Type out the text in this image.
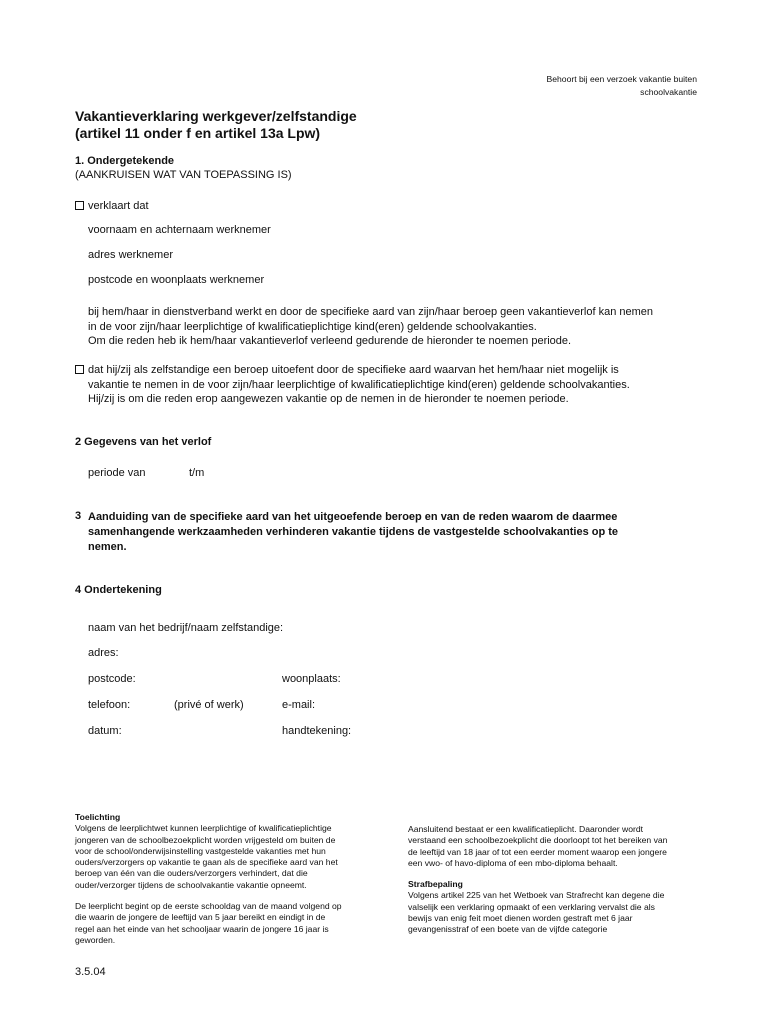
Behoort bij een verzoek vakantie buiten
schoolvakantie
Vakantieverklaring werkgever/zelfstandige
(artikel 11 onder f en artikel 13a Lpw)
1. Ondergetekende
(AANKRUISEN WAT VAN TOEPASSING IS)
verklaart dat
voornaam en achternaam werknemer
adres werknemer
postcode en woonplaats werknemer
bij hem/haar in dienstverband werkt en door de specifieke aard van zijn/haar beroep geen vakantieverlof kan nemen
in de voor zijn/haar leerplichtige of kwalificatieplichtige kind(eren) geldende schoolvakanties.
Om die reden heb ik hem/haar vakantieverlof verleend gedurende de hieronder te noemen periode.
dat hij/zij als zelfstandige een beroep uitoefent door de specifieke aard waarvan het hem/haar niet mogelijk is
vakantie te nemen in de voor zijn/haar leerplichtige of kwalificatieplichtige kind(eren) geldende schoolvakanties.
Hij/zij is om die reden erop aangewezen vakantie op de nemen in de hieronder te noemen periode.
2 Gegevens van het verlof
periode van	t/m
3 Aanduiding van de specifieke aard van het uitgeoefende beroep en van de reden waarom de daarmee
samenhangende werkzaamheden verhinderen vakantie tijdens de vastgestelde schoolvakanties op te
nemen.
4 Ondertekening
naam van het bedrijf/naam zelfstandige:
adres:
postcode:	woonplaats:
telefoon:	(privé of werk)	e-mail:
datum:	handtekening:
Toelichting
Volgens de leerplichtwet kunnen leerplichtige of kwalificatieplichtige
jongeren van de schoolbezoekplicht worden vrijgesteld om buiten de
voor de school/onderwijsinstelling vastgestelde vakanties met hun
ouders/verzorgers op vakantie te gaan als de specifieke aard van het
beroep van één van die ouders/verzorgers verhindert, dat die
ouder/verzorger tijdens de schoolvakantie vakantie opneemt.
De leerplicht begint op de eerste schooldag van de maand volgend op
die waarin de jongere de leeftijd van 5 jaar bereikt en eindigt in de
regel aan het einde van het schooljaar waarin de jongere 16 jaar is
geworden.
Aansluitend bestaat er een kwalificatieplicht. Daaronder wordt
verstaand een schoolbezoekplicht die doorloopt tot het bereiken van
de leeftijd van 18 jaar of tot een eerder moment waarop een jongere
een vwo- of havo-diploma of een mbo-diploma behaalt.
Strafbepaling
Volgens artikel 225 van het Wetboek van Strafrecht kan degene die
valselijk een verklaring opmaakt of een verklaring vervalst die als
bewijs van enig feit moet dienen worden gestraft met 6 jaar
gevangenisstraf of een boete van de vijfde categorie
3.5.04
